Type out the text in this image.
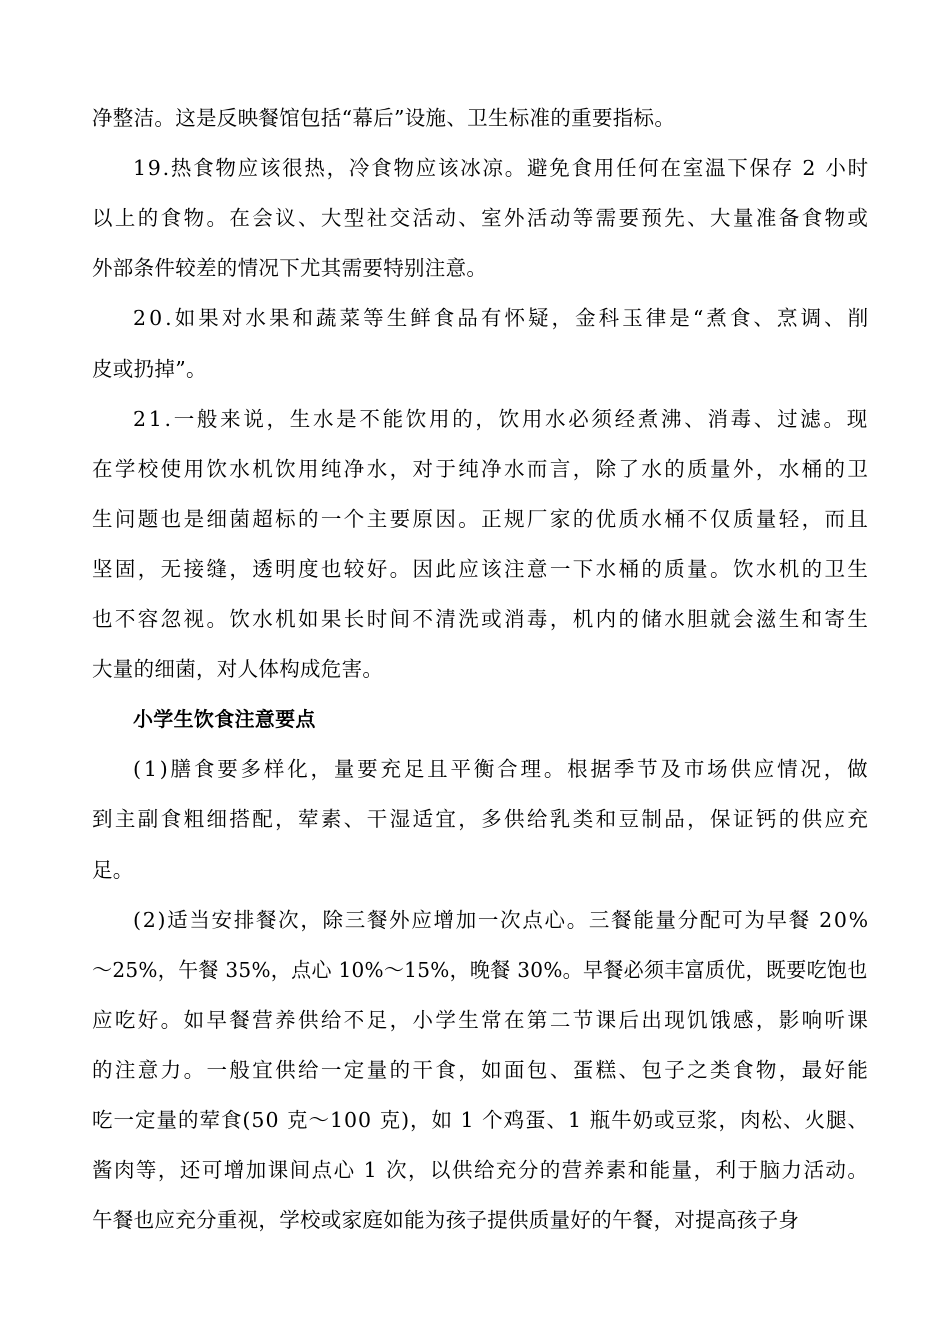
净整洁。这是反映餐馆包括“幕后”设施、卫生标准的重要指标。
19.热食物应该很热，冷食物应该冰凉。避免食用任何在室温下保存 2 小时
以上的食物。在会议、大型社交活动、室外活动等需要预先、大量准备食物或
外部条件较差的情况下尤其需要特别注意。
20.如果对水果和蔬菜等生鲜食品有怀疑，金科玉律是“煮食、烹调、削
皮或扔掉”。
21.一般来说，生水是不能饮用的，饮用水必须经煮沸、消毒、过滤。现
在学校使用饮水机饮用纯净水，对于纯净水而言，除了水的质量外，水桶的卫
生问题也是细菌超标的一个主要原因。正规厂家的优质水桶不仅质量轻，而且
坚固，无接缝，透明度也较好。因此应该注意一下水桶的质量。饮水机的卫生
也不容忽视。饮水机如果长时间不清洗或消毒，机内的储水胆就会滋生和寄生
大量的细菌，对人体构成危害。
小学生饮食注意要点
(1)膳食要多样化，量要充足且平衡合理。根据季节及市场供应情况，做
到主副食粗细搭配，荤素、干湿适宜，多供给乳类和豆制品，保证钙的供应充
足。
(2)适当安排餐次，除三餐外应增加一次点心。三餐能量分配可为早餐 20%
～25%，午餐 35%，点心 10%～15%，晚餐 30%。早餐必须丰富质优，既要吃饱也
应吃好。如早餐营养供给不足，小学生常在第二节课后出现饥饿感，影响听课
的注意力。一般宜供给一定量的干食，如面包、蛋糕、包子之类食物，最好能
吃一定量的荤食(50 克～100 克)，如 1 个鸡蛋、1 瓶牛奶或豆浆，肉松、火腿、
酱肉等，还可增加课间点心 1 次，以供给充分的营养素和能量，利于脑力活动。
午餐也应充分重视，学校或家庭如能为孩子提供质量好的午餐，对提高孩子身
